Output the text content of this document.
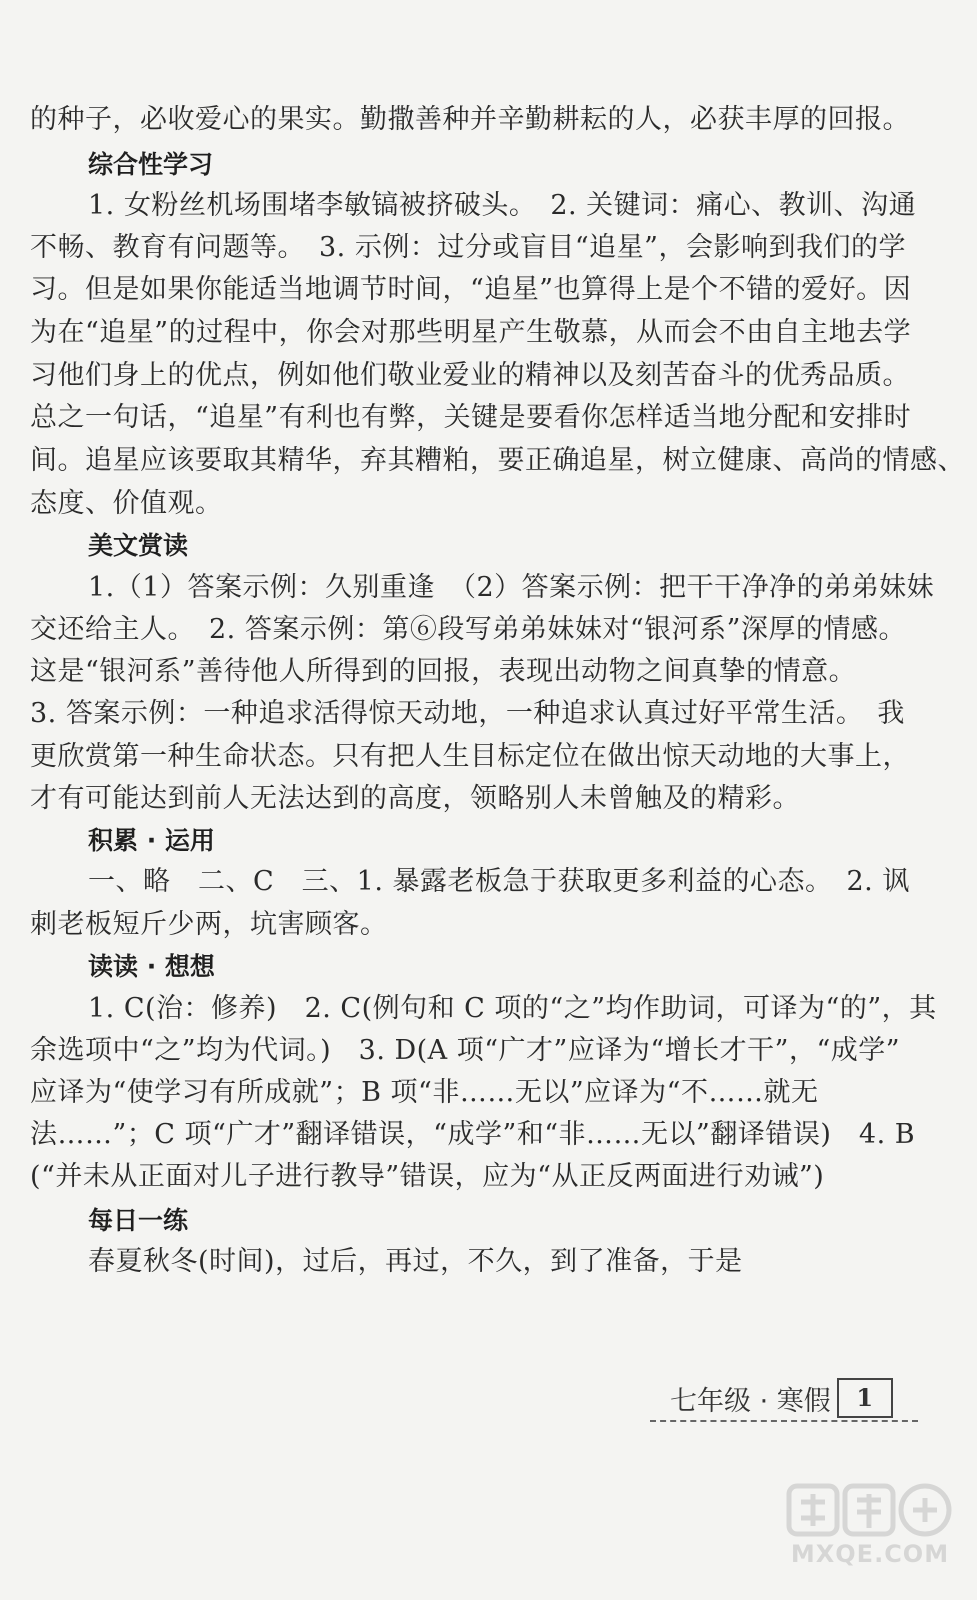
的种子，必收爱心的果实。勤撒善种并辛勤耕耘的人，必获丰厚的回报。
综合性学习
1. 女粉丝机场围堵李敏镐被挤破头。　2. 关键词：痛心、教训、沟通
不畅、教育有问题等。　3. 示例：过分或盲目“追星”，会影响到我们的学
习。但是如果你能适当地调节时间，“追星”也算得上是个不错的爱好。因
为在“追星”的过程中，你会对那些明星产生敬慕，从而会不由自主地去学
习他们身上的优点，例如他们敬业爱业的精神以及刻苦奋斗的优秀品质。
总之一句话，“追星”有利也有弊，关键是要看你怎样适当地分配和安排时
间。追星应该要取其精华，弃其糟粕，要正确追星，树立健康、高尚的情感、
态度、价值观。
美文赏读
1.（1）答案示例：久别重逢　（2）答案示例：把干干净净的弟弟妹妹
交还给主人。　2. 答案示例：第⑥段写弟弟妹妹对“银河系”深厚的情感。
这是“银河系”善待他人所得到的回报，表现出动物之间真挚的情意。
3. 答案示例：一种追求活得惊天动地，一种追求认真过好平常生活。　我
更欣赏第一种生命状态。只有把人生目标定位在做出惊天动地的大事上，
才有可能达到前人无法达到的高度，领略别人未曾触及的精彩。
积累 · 运用
一、略　二、C　三、1. 暴露老板急于获取更多利益的心态。　2. 讽
刺老板短斤少两，坑害顾客。
读读 · 想想
1. C(治：修养)　2. C(例句和 C 项的“之”均作助词，可译为“的”，其
余选项中“之”均为代词。)　3. D(A 项“广才”应译为“增长才干”，“成学”
应译为“使学习有所成就”；B 项“非……无以”应译为“不……就无
法……”；C 项“广才”翻译错误，“成学”和“非……无以”翻译错误)　4. B
(“并未从正面对儿子进行教导”错误，应为“从正反两面进行劝诫”)
每日一练
春夏秋冬(时间)，过后，再过，不久，到了准备，于是
七年级 · 寒假 1
MXQE.COM
